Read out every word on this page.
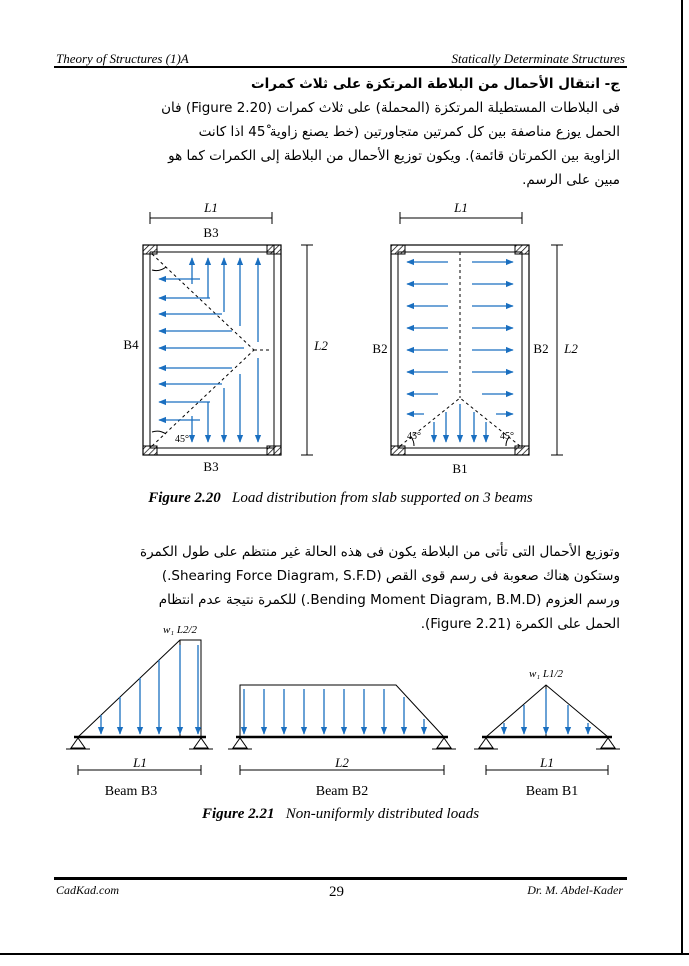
Theory of Structures (1)A	Statically Determinate Structures
ج- انتقال الأحمال من البلاطة المرتكزة على ثلاث كمرات
فى البلاطات المستطيلة المرتكزة (المحملة) على ثلاث كمرات (Figure 2.20) فان
الحمل يوزع مناصفة بين كل كمرتين متجاورتين (خط يصنع زاوية 45ْ اذا كانت
الزاوية بين الكمرتان قائمة). ويكون توزيع الأحمال من البلاطة إلى الكمرات كما هو
مبين على الرسم.
L1
B3
45°
B4
B3
L2
L1
45°	45°
B2	B2
B1
L2
Figure 2.20 Load distribution from slab supported on 3 beams
وتوزيع الأحمال التى تأتى من البلاطة يكون فى هذه الحالة غير منتظم على طول الكمرة
وستكون هناك صعوبة فى رسم قوى القص (Shearing Force Diagram, S.F.D.)
ورسم العزوم (Bending Moment Diagram, B.M.D.) للكمرة نتيجة عدم انتظام
الحمل على الكمرة (Figure 2.21).
w₁ L2/2
L1
Beam B3
L2
Beam B2
w₁ L1/2
L1
Beam B1
Figure 2.21 Non-uniformly distributed loads
CadKad.com	29	Dr. M. Abdel-Kader
